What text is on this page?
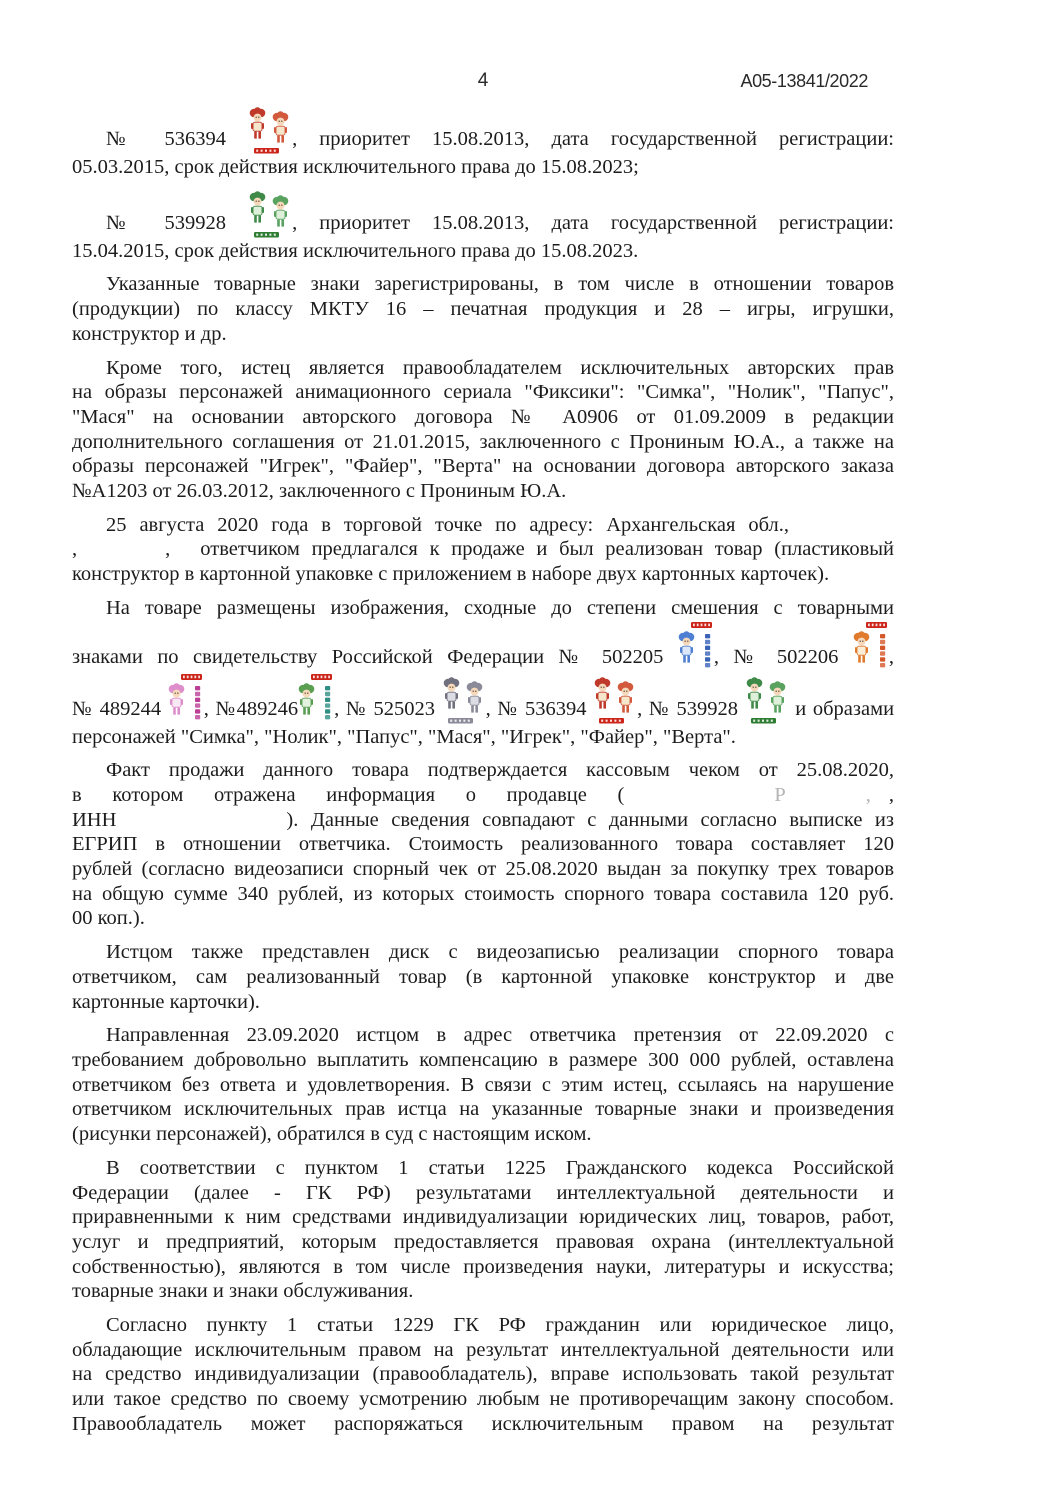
4	А05-13841/2022
№ 536394 , приоритет 15.08.2013, дата государственной регистрации:
05.03.2015, срок действия исключительного права до 15.08.2023;
№ 539928 , приоритет 15.08.2013, дата государственной регистрации:
15.04.2015, срок действия исключительного права до 15.08.2023.
Указанные товарные знаки зарегистрированы, в том числе в отношении товаров
(продукции) по классу МКТУ 16 – печатная продукция и 28 – игры, игрушки,
конструктор и др.
Кроме того, истец является правообладателем исключительных авторских прав
на образы персонажей анимационного сериала "Фиксики": "Симка", "Нолик", "Папус",
"Мася" на основании авторского договора № А0906 от 01.09.2009 в редакции
дополнительного соглашения от 21.01.2015, заключенного с Прониным Ю.А., а также на
образы персонажей "Игрек", "Файер", "Верта" на основании договора авторского заказа
№А1203 от 26.03.2012, заключенного с Прониным Ю.А.
25 августа 2020 года в торговой точке по адресу: Архангельская обл.,
,	, ответчиком предлагался к продаже и был реализован товар (пластиковый
конструктор в картонной упаковке с приложением в наборе двух картонных карточек).
На товаре размещены изображения, сходные до степени смешения с товарными
знаками по свидетельству Российской Федерации № 502205 , № 502206 ,
№ 489244 , №489246 , № 525023 , № 536394 , № 539928  и образами
персонажей "Симка", "Нолик", "Папус", "Мася", "Игрек", "Файер", "Верта".
Факт продажи данного товара подтверждается кассовым чеком от 25.08.2020,
в котором отражена информация о продавце (	Р	, ,
ИНН	). Данные сведения совпадают с данными согласно выписке из
ЕГРИП в отношении ответчика. Стоимость реализованного товара составляет 120
рублей (согласно видеозаписи спорный чек от 25.08.2020 выдан за покупку трех товаров
на общую сумме 340 рублей, из которых стоимость спорного товара составила 120 руб.
00 коп.).
Истцом также представлен диск с видеозаписью реализации спорного товара
ответчиком, сам реализованный товар (в картонной упаковке конструктор и две
картонные карточки).
Направленная 23.09.2020 истцом в адрес ответчика претензия от 22.09.2020 с
требованием добровольно выплатить компенсацию в размере 300 000 рублей, оставлена
ответчиком без ответа и удовлетворения. В связи с этим истец, ссылаясь на нарушение
ответчиком исключительных прав истца на указанные товарные знаки и произведения
(рисунки персонажей), обратился в суд с настоящим иском.
В соответствии с пунктом 1 статьи 1225 Гражданского кодекса Российской
Федерации (далее - ГК РФ) результатами интеллектуальной деятельности и
приравненными к ним средствами индивидуализации юридических лиц, товаров, работ,
услуг и предприятий, которым предоставляется правовая охрана (интеллектуальной
собственностью), являются в том числе произведения науки, литературы и искусства;
товарные знаки и знаки обслуживания.
Согласно пункту 1 статьи 1229 ГК РФ гражданин или юридическое лицо,
обладающие исключительным правом на результат интеллектуальной деятельности или
на средство индивидуализации (правообладатель), вправе использовать такой результат
или такое средство по своему усмотрению любым не противоречащим закону способом.
Правообладатель может распоряжаться исключительным правом на результат
